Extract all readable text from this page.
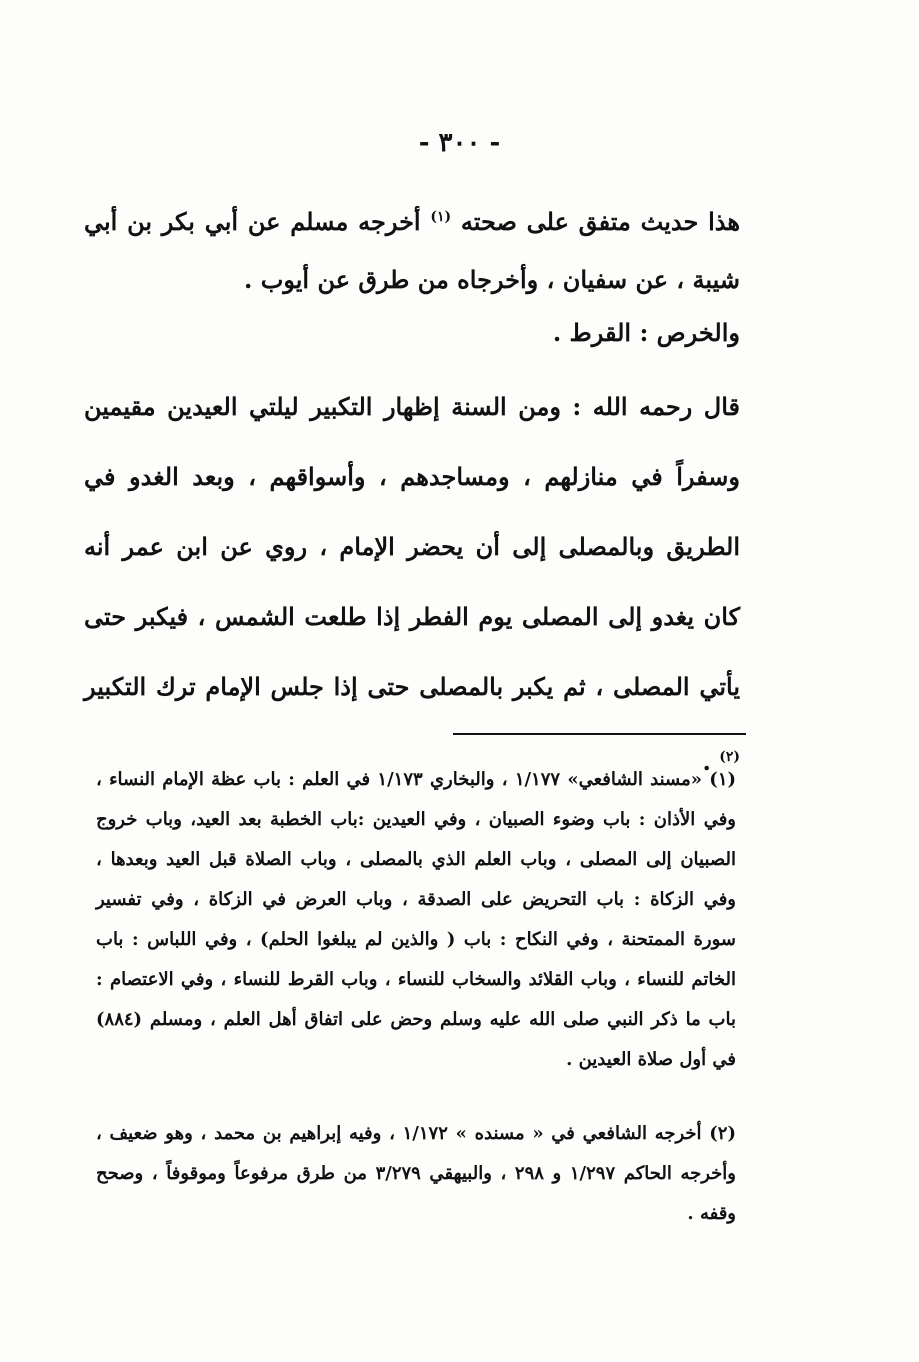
- ٣٠٠ -
هذا حديث متفق على صحته $^{(١)}$ أخرجه مسلم عن أبي بكر بن أبي شيبة ، عن سفيان ، وأخرجاه من طرق عن أيوب .
والخرص : القرط .
قال رحمه الله : ومن السنة إظهار التكبير ليلتي العيدين مقيمين وسفراً في منازلهم ، ومساجدهم ، وأسواقهم ، وبعد الغدو في الطريق وبالمصلى إلى أن يحضر الإمام ، روي عن ابن عمر أنه كان يغدو إلى المصلى يوم الفطر إذا طلعت الشمس ، فيكبر حتى يأتي المصلى ، ثم يكبر بالمصلى حتى إذا جلس الإمام ترك التكبير $^{(٢)}$ .
(١) «مسند الشافعي» ١/١٧٧ ، والبخاري ١/١٧٣ في العلم : باب عظة الإمام النساء ، وفي الأذان : باب وضوء الصبيان ، وفي العيدين :باب الخطبة بعد العيد، وباب خروج الصبيان إلى المصلى ، وباب العلم الذي بالمصلى ، وباب الصلاة قبل العيد وبعدها ، وفي الزكاة : باب التحريض على الصدقة ، وباب العرض في الزكاة ، وفي تفسير سورة الممتحنة ، وفي النكاح : باب ( والذين لم يبلغوا الحلم) ، وفي اللباس : باب الخاتم للنساء ، وباب القلائد والسخاب للنساء ، وباب القرط للنساء ، وفي الاعتصام : باب ما ذكر النبي صلى الله عليه وسلم وحض على اتفاق أهل العلم ، ومسلم (٨٨٤) في أول صلاة العيدين .
(٢) أخرجه الشافعي في « مسنده » ١/١٧٢ ، وفيه إبراهيم بن محمد ، وهو ضعيف ، وأخرجه الحاكم ١/٢٩٧ و ٢٩٨ ، والبيهقي ٣/٢٧٩ من طرق مرفوعاً وموقوفاً ، وصحح وقفه .
